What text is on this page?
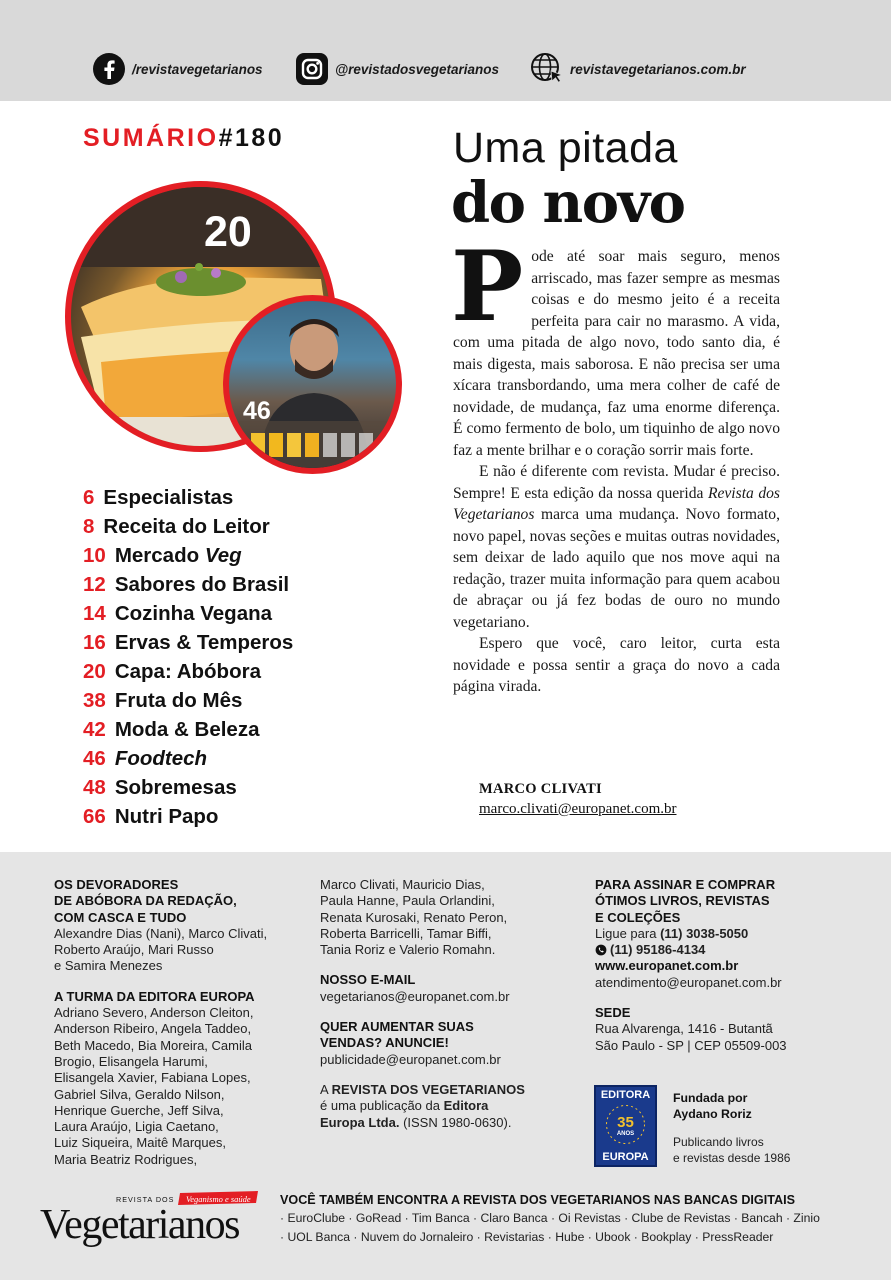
/revistavegetarianos	@revistadosvegetarianos	revistavegetarianos.com.br
SUMÁRIO#180
20
46
6 Especialistas
8 Receita do Leitor
10 Mercado Veg
12 Sabores do Brasil
14 Cozinha Vegana
16 Ervas & Temperos
20 Capa: Abóbora
38 Fruta do Mês
42 Moda & Beleza
46 Foodtech
48 Sobremesas
66 Nutri Papo
Uma pitada
do novo

Pode até soar mais seguro, menos arriscado, mas fazer sempre as mesmas coisas e do mesmo jeito é a receita perfeita para cair no marasmo. A vida, com uma pitada de algo novo, todo santo dia, é mais digesta, mais saborosa. E não precisa ser uma xícara transbordando, uma mera colher de café de novidade, de mudança, faz uma enorme diferença. É como fermento de bolo, um tiquinho de algo novo faz a mente brilhar e o coração sorrir mais forte.

E não é diferente com revista. Mudar é preciso. Sempre! E esta edição da nossa querida Revista dos Vegetarianos marca uma mudança. Novo formato, novo papel, novas seções e muitas outras novidades, sem deixar de lado aquilo que nos move aqui na redação, trazer muita informação para quem acabou de abraçar ou já fez bodas de ouro no mundo vegetariano.

Espero que você, caro leitor, curta esta novidade e possa sentir a graça do novo a cada página virada.

MARCO CLIVATI
marco.clivati@europanet.com.br
OS DEVORADORES
DE ABÓBORA DA REDAÇÃO,
COM CASCA E TUDO
Alexandre Dias (Nani), Marco Clivati,
Roberto Araújo, Mari Russo
e Samira Menezes
A TURMA DA EDITORA EUROPA
Adriano Severo, Anderson Cleiton,
Anderson Ribeiro, Angela Taddeo,
Beth Macedo, Bia Moreira, Camila
Brogio, Elisangela Harumi,
Elisangela Xavier, Fabiana Lopes,
Gabriel Silva, Geraldo Nilson,
Henrique Guerche, Jeff Silva,
Laura Araújo, Ligia Caetano,
Luiz Siqueira, Maitê Marques,
Maria Beatriz Rodrigues,
Marco Clivati, Mauricio Dias,
Paula Hanne, Paula Orlandini,
Renata Kurosaki, Renato Peron,
Roberta Barricelli, Tamar Biffi,
Tania Roriz e Valerio Romahn.
NOSSO E-MAIL
vegetarianos@europanet.com.br
QUER AUMENTAR SUAS
VENDAS? ANUNCIE!
publicidade@europanet.com.br
A REVISTA DOS VEGETARIANOS
é uma publicação da Editora
Europa Ltda. (ISSN 1980-0630).
PARA ASSINAR E COMPRAR
ÓTIMOS LIVROS, REVISTAS
E COLEÇÕES
Ligue para (11) 3038-5050
(11) 95186-4134
www.europanet.com.br
atendimento@europanet.com.br
SEDE
Rua Alvarenga, 1416 - Butantã
São Paulo - SP | CEP 05509-003
EDITORA
35
ANOS
EUROPA
Fundada por
Aydano Roriz
Publicando livros
e revistas desde 1986
REVISTA DOS Veganismo e saúde
Vegetarianos
VOCÊ TAMBÉM ENCONTRA A REVISTA DOS VEGETARIANOS NAS BANCAS DIGITAIS
· EuroClube · GoRead · Tim Banca · Claro Banca · Oi Revistas · Clube de Revistas · Bancah · Zinio
· UOL Banca · Nuvem do Jornaleiro · Revistarias · Hube · Ubook · Bookplay · PressReader
